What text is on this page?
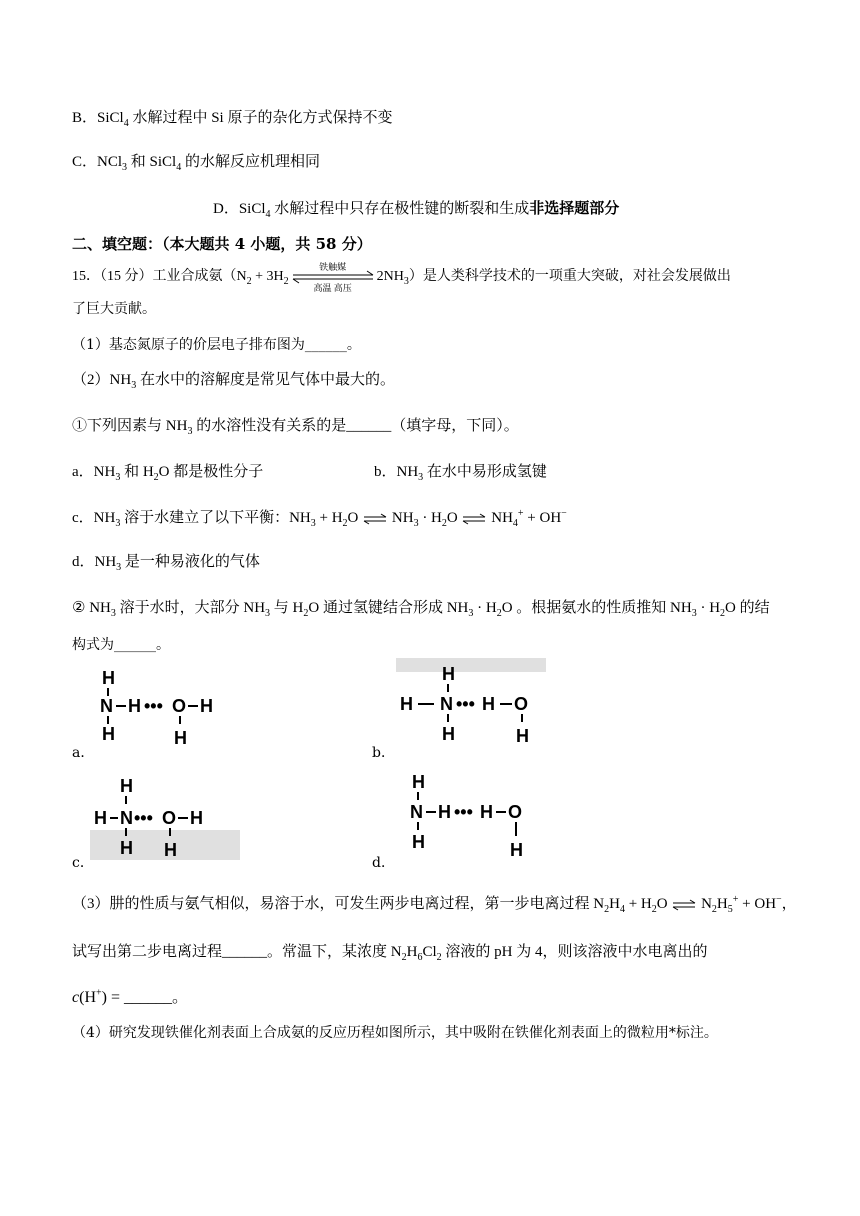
B．SiCl$_4$ 水解过程中 Si 原子的杂化方式保持不变
C．NCl$_3$ 和 SiCl$_4$ 的水解反应机理相同
D．SiCl$_4$ 水解过程中只存在极性键的断裂和生成非选择题部分
二、填空题：（本大题共 4 小题，共 58 分）
15．（15 分）工业合成氨（$N_2 + 3H_2$
铁触媒
高温 高压
$2NH_3$）是人类科学技术的一项重大突破，对社会发展做出
了巨大贡献。
（1）基态氮原子的价层电子排布图为______。
$(2)NH_3$ 在水中的溶解度是常见气体中最大的。
①下列因素与 $NH_3$ 的水溶性没有关系的是______（填字母，下同）。
a．$NH_3$ 和 $H_2O$ 都是极性分子	b．$NH_3$ 在水中易形成氢键
c．$NH_3$ 溶于水建立了以下平衡：$NH_3 + H_2O$ ⇌ $NH_3 \cdot H_2O$ ⇌ $NH_4^+ + OH^-$
d．$NH_3$ 是一种易液化的气体
② $NH_3$ 溶于水时，大部分 $NH_3$ 与 $H_2O$ 通过氢键结合形成 $NH_3 \cdot H_2O$ 。根据氨水的性质推知 $NH_3 \cdot H_2O$ 的结
构式为______。
a．
H
N H ••• O H
H	H
b．
H
H N ••• H O
H	H
c．
H
H N ••• O H
H H
d．
H
N H ••• H O
H	H
（3）肼的性质与氨气相似，易溶于水，可发生两步电离过程，第一步电离过程 $N_2H_4 + H_2O$ ⇌ $N_2H_5^+ + OH^-$，
试写出第二步电离过程______。常温下，某浓度 $N_2H_6Cl_2$ 溶液的 pH 为 4，则该溶液中水电离出的
c(H+) = ______。
（4）研究发现铁催化剂表面上合成氨的反应历程如图所示，其中吸附在铁催化剂表面上的微粒用*标注。
